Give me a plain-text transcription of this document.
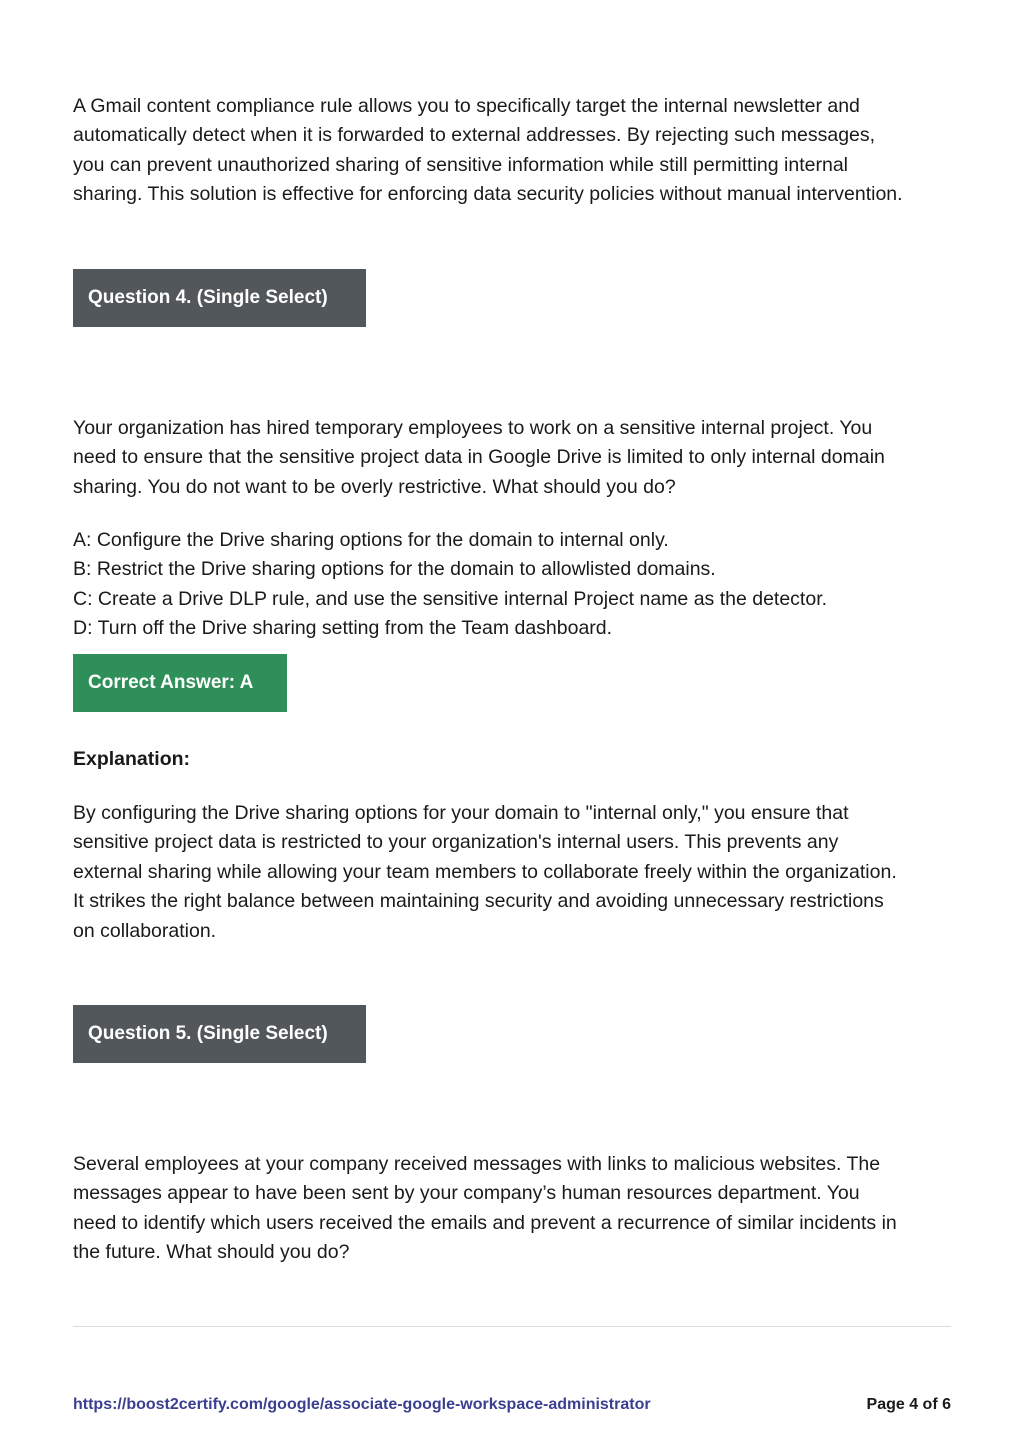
A Gmail content compliance rule allows you to specifically target the internal newsletter and

automatically detect when it is forwarded to external addresses. By rejecting such messages,

you can prevent unauthorized sharing of sensitive information while still permitting internal

sharing. This solution is effective for enforcing data security policies without manual intervention.

Question 4. (Single Select)

Your organization has hired temporary employees to work on a sensitive internal project. You

need to ensure that the sensitive project data in Google Drive is limited to only internal domain

sharing. You do not want to be overly restrictive. What should you do?

A: Configure the Drive sharing options for the domain to internal only.

B: Restrict the Drive sharing options for the domain to allowlisted domains.

C: Create a Drive DLP rule, and use the sensitive internal Project name as the detector.

D: Turn off the Drive sharing setting from the Team dashboard.

Correct Answer: A

Explanation:

By configuring the Drive sharing options for your domain to "internal only," you ensure that

sensitive project data is restricted to your organization's internal users. This prevents any

external sharing while allowing your team members to collaborate freely within the organization.

It strikes the right balance between maintaining security and avoiding unnecessary restrictions

on collaboration.

Question 5. (Single Select)

Several employees at your company received messages with links to malicious websites. The

messages appear to have been sent by your company’s human resources department. You

need to identify which users received the emails and prevent a recurrence of similar incidents in

the future. What should you do?

https://boost2certify.com/google/associate-google-workspace-administrator	Page 4 of 6
